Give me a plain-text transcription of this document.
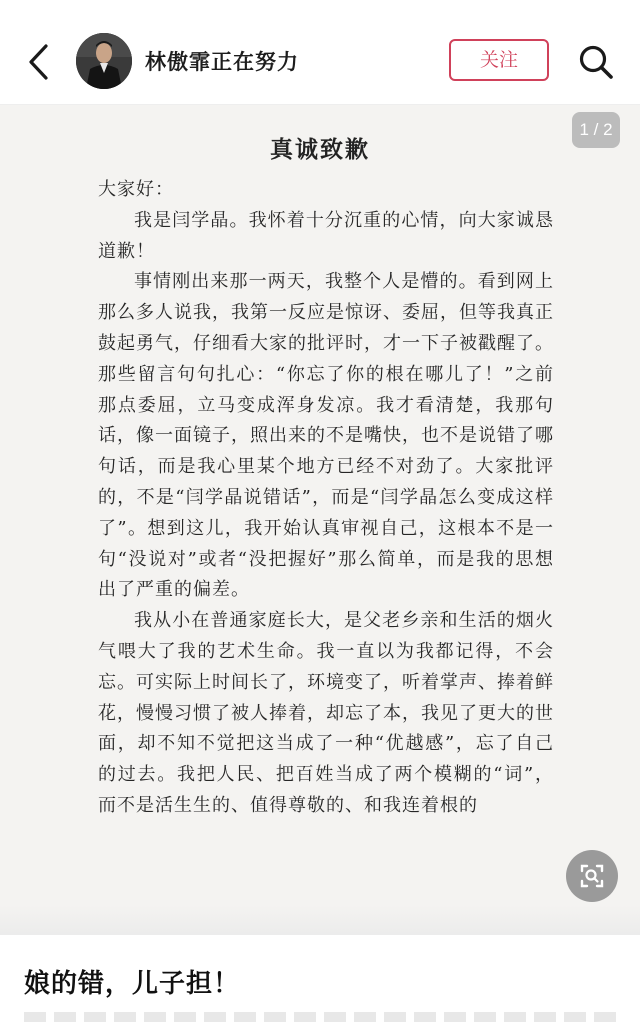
林傲霏正在努力	关注
1 / 2
真诚致歉

大家好：

我是闫学晶。我怀着十分沉重的心情，向大家诚恳道歉！

事情刚出来那一两天，我整个人是懵的。看到网上那么多人说我，我第一反应是惊讶、委屈，但等我真正鼓起勇气，仔细看大家的批评时，才一下子被戳醒了。那些留言句句扎心：“你忘了你的根在哪儿了！”之前那点委屈，立马变成浑身发凉。我才看清楚，我那句话，像一面镜子，照出来的不是嘴快，也不是说错了哪句话，而是我心里某个地方已经不对劲了。大家批评的，不是“闫学晶说错话”，而是“闫学晶怎么变成这样了”。想到这儿，我开始认真审视自己，这根本不是一句“没说对”或者“没把握好”那么简单，而是我的思想出了严重的偏差。

我从小在普通家庭长大，是父老乡亲和生活的烟火气喂大了我的艺术生命。我一直以为我都记得，不会忘。可实际上时间长了，环境变了，听着掌声、捧着鲜花，慢慢习惯了被人捧着，却忘了本，我见了更大的世面，却不知不觉把这当成了一种“优越感”，忘了自己的过去。我把人民、把百姓当成了两个模糊的“词”，而不是活生生的、值得尊敬的、和我连着根的

娘的错，儿子担！
